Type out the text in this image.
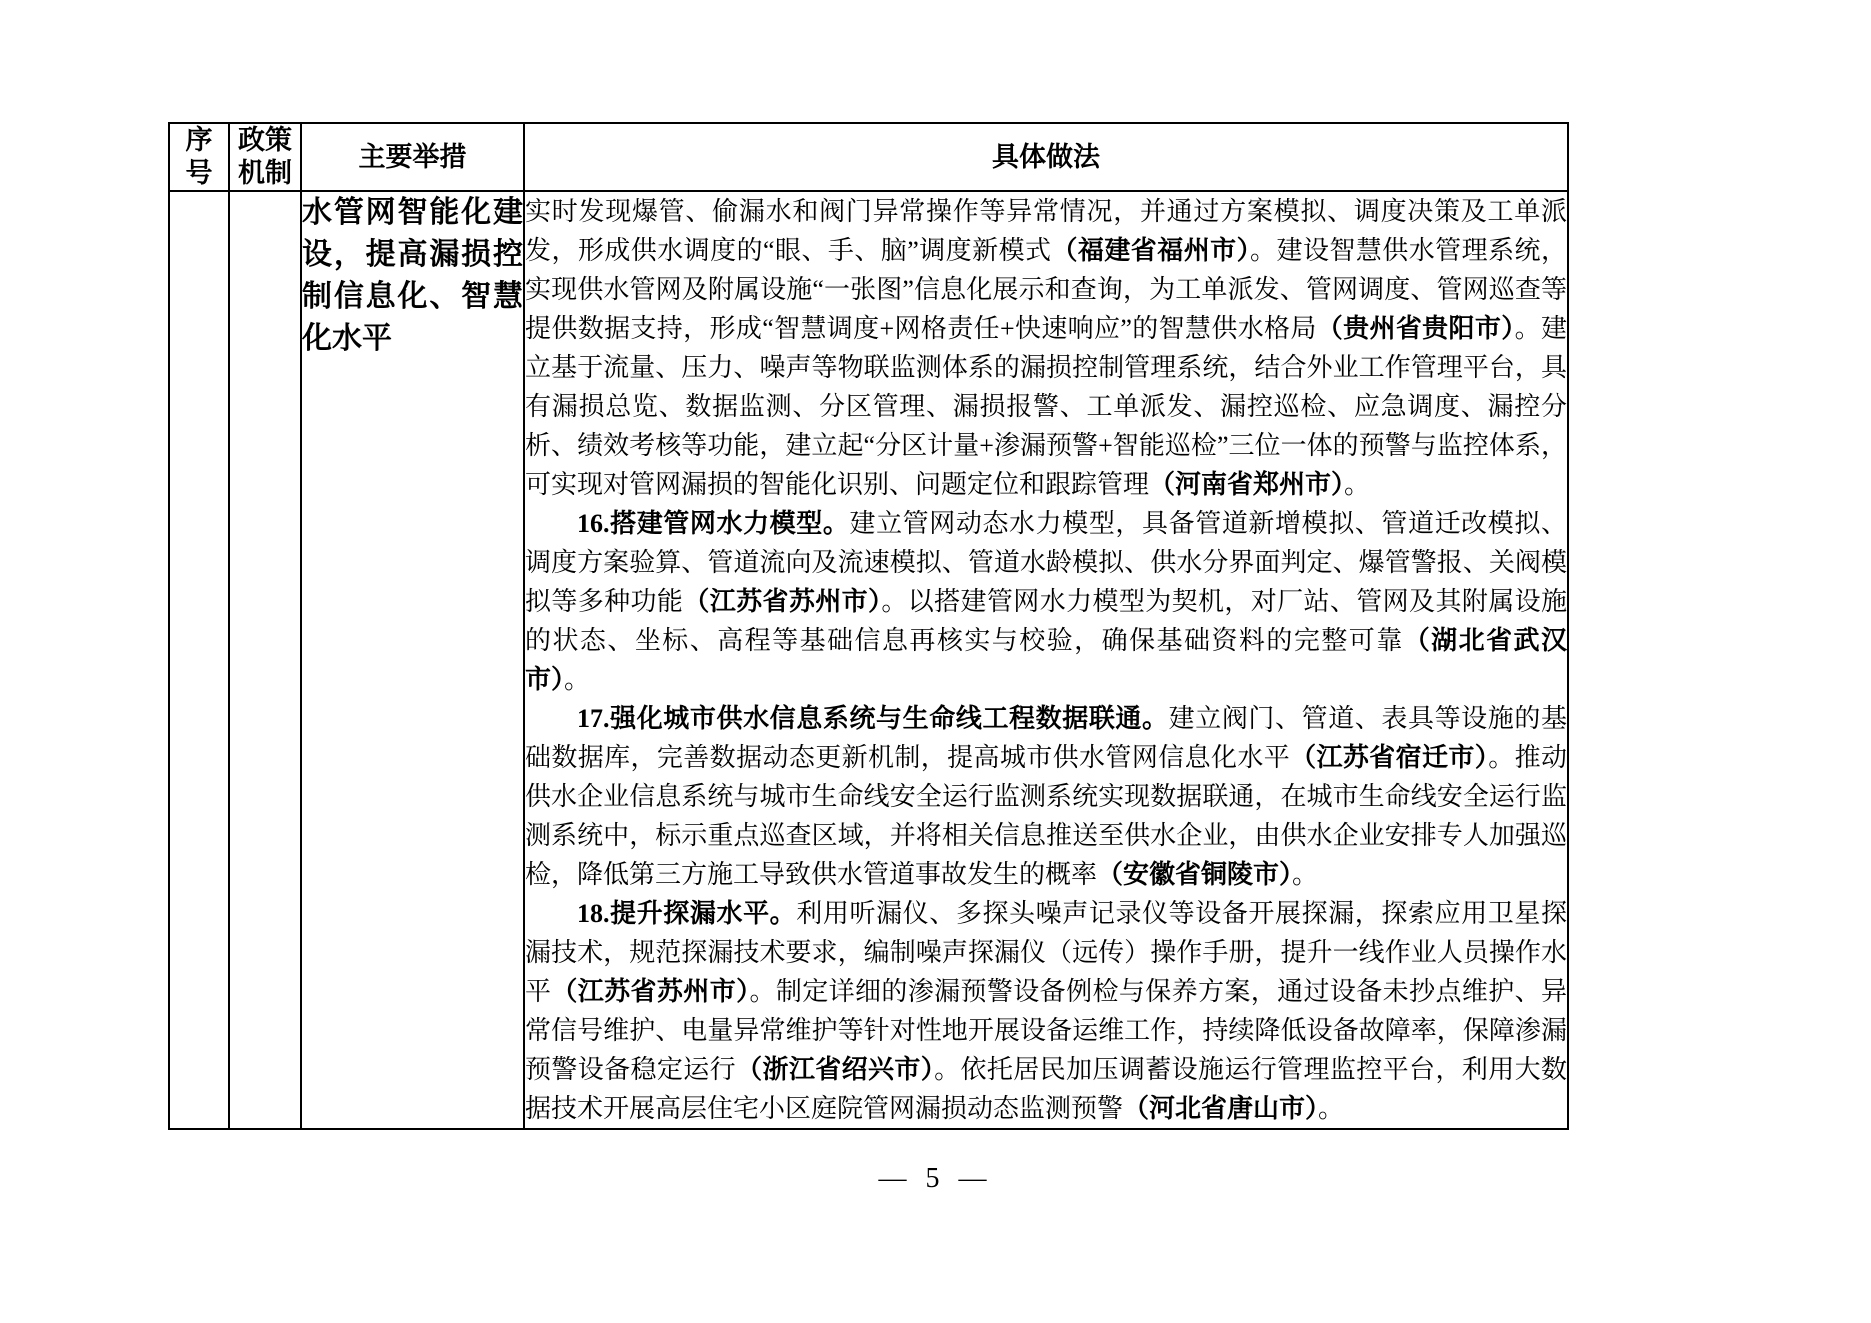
序号	政策机制	主要举措	具体做法
		水管网智能化建设，提高漏损控制信息化、智慧化水平	实时发现爆管、偷漏水和阀门异常操作等异常情况，并通过方案模拟、调度决策及工单派发，形成供水调度的“眼、手、脑”调度新模式（福建省福州市）。建设智慧供水管理系统，实现供水管网及附属设施“一张图”信息化展示和查询，为工单派发、管网调度、管网巡查等提供数据支持，形成“智慧调度+网格责任+快速响应”的智慧供水格局（贵州省贵阳市）。建立基于流量、压力、噪声等物联监测体系的漏损控制管理系统，结合外业工作管理平台，具有漏损总览、数据监测、分区管理、漏损报警、工单派发、漏控巡检、应急调度、漏控分析、绩效考核等功能，建立起“分区计量+渗漏预警+智能巡检”三位一体的预警与监控体系，可实现对管网漏损的智能化识别、问题定位和跟踪管理（河南省郑州市）。

16.搭建管网水力模型。建立管网动态水力模型，具备管道新增模拟、管道迁改模拟、调度方案验算、管道流向及流速模拟、管道水龄模拟、供水分界面判定、爆管警报、关阀模拟等多种功能（江苏省苏州市）。以搭建管网水力模型为契机，对厂站、管网及其附属设施的状态、坐标、高程等基础信息再核实与校验，确保基础资料的完整可靠（湖北省武汉市）。

17.强化城市供水信息系统与生命线工程数据联通。建立阀门、管道、表具等设施的基础数据库，完善数据动态更新机制，提高城市供水管网信息化水平（江苏省宿迁市）。推动供水企业信息系统与城市生命线安全运行监测系统实现数据联通，在城市生命线安全运行监测系统中，标示重点巡查区域，并将相关信息推送至供水企业，由供水企业安排专人加强巡检，降低第三方施工导致供水管道事故发生的概率（安徽省铜陵市）。

18.提升探漏水平。利用听漏仪、多探头噪声记录仪等设备开展探漏，探索应用卫星探漏技术，规范探漏技术要求，编制噪声探漏仪（远传）操作手册，提升一线作业人员操作水平（江苏省苏州市）。制定详细的渗漏预警设备例检与保养方案，通过设备未抄点维护、异常信号维护、电量异常维护等针对性地开展设备运维工作，持续降低设备故障率，保障渗漏预警设备稳定运行（浙江省绍兴市）。依托居民加压调蓄设施运行管理监控平台，利用大数据技术开展高层住宅小区庭院管网漏损动态监测预警（河北省唐山市）。

— 5 —
